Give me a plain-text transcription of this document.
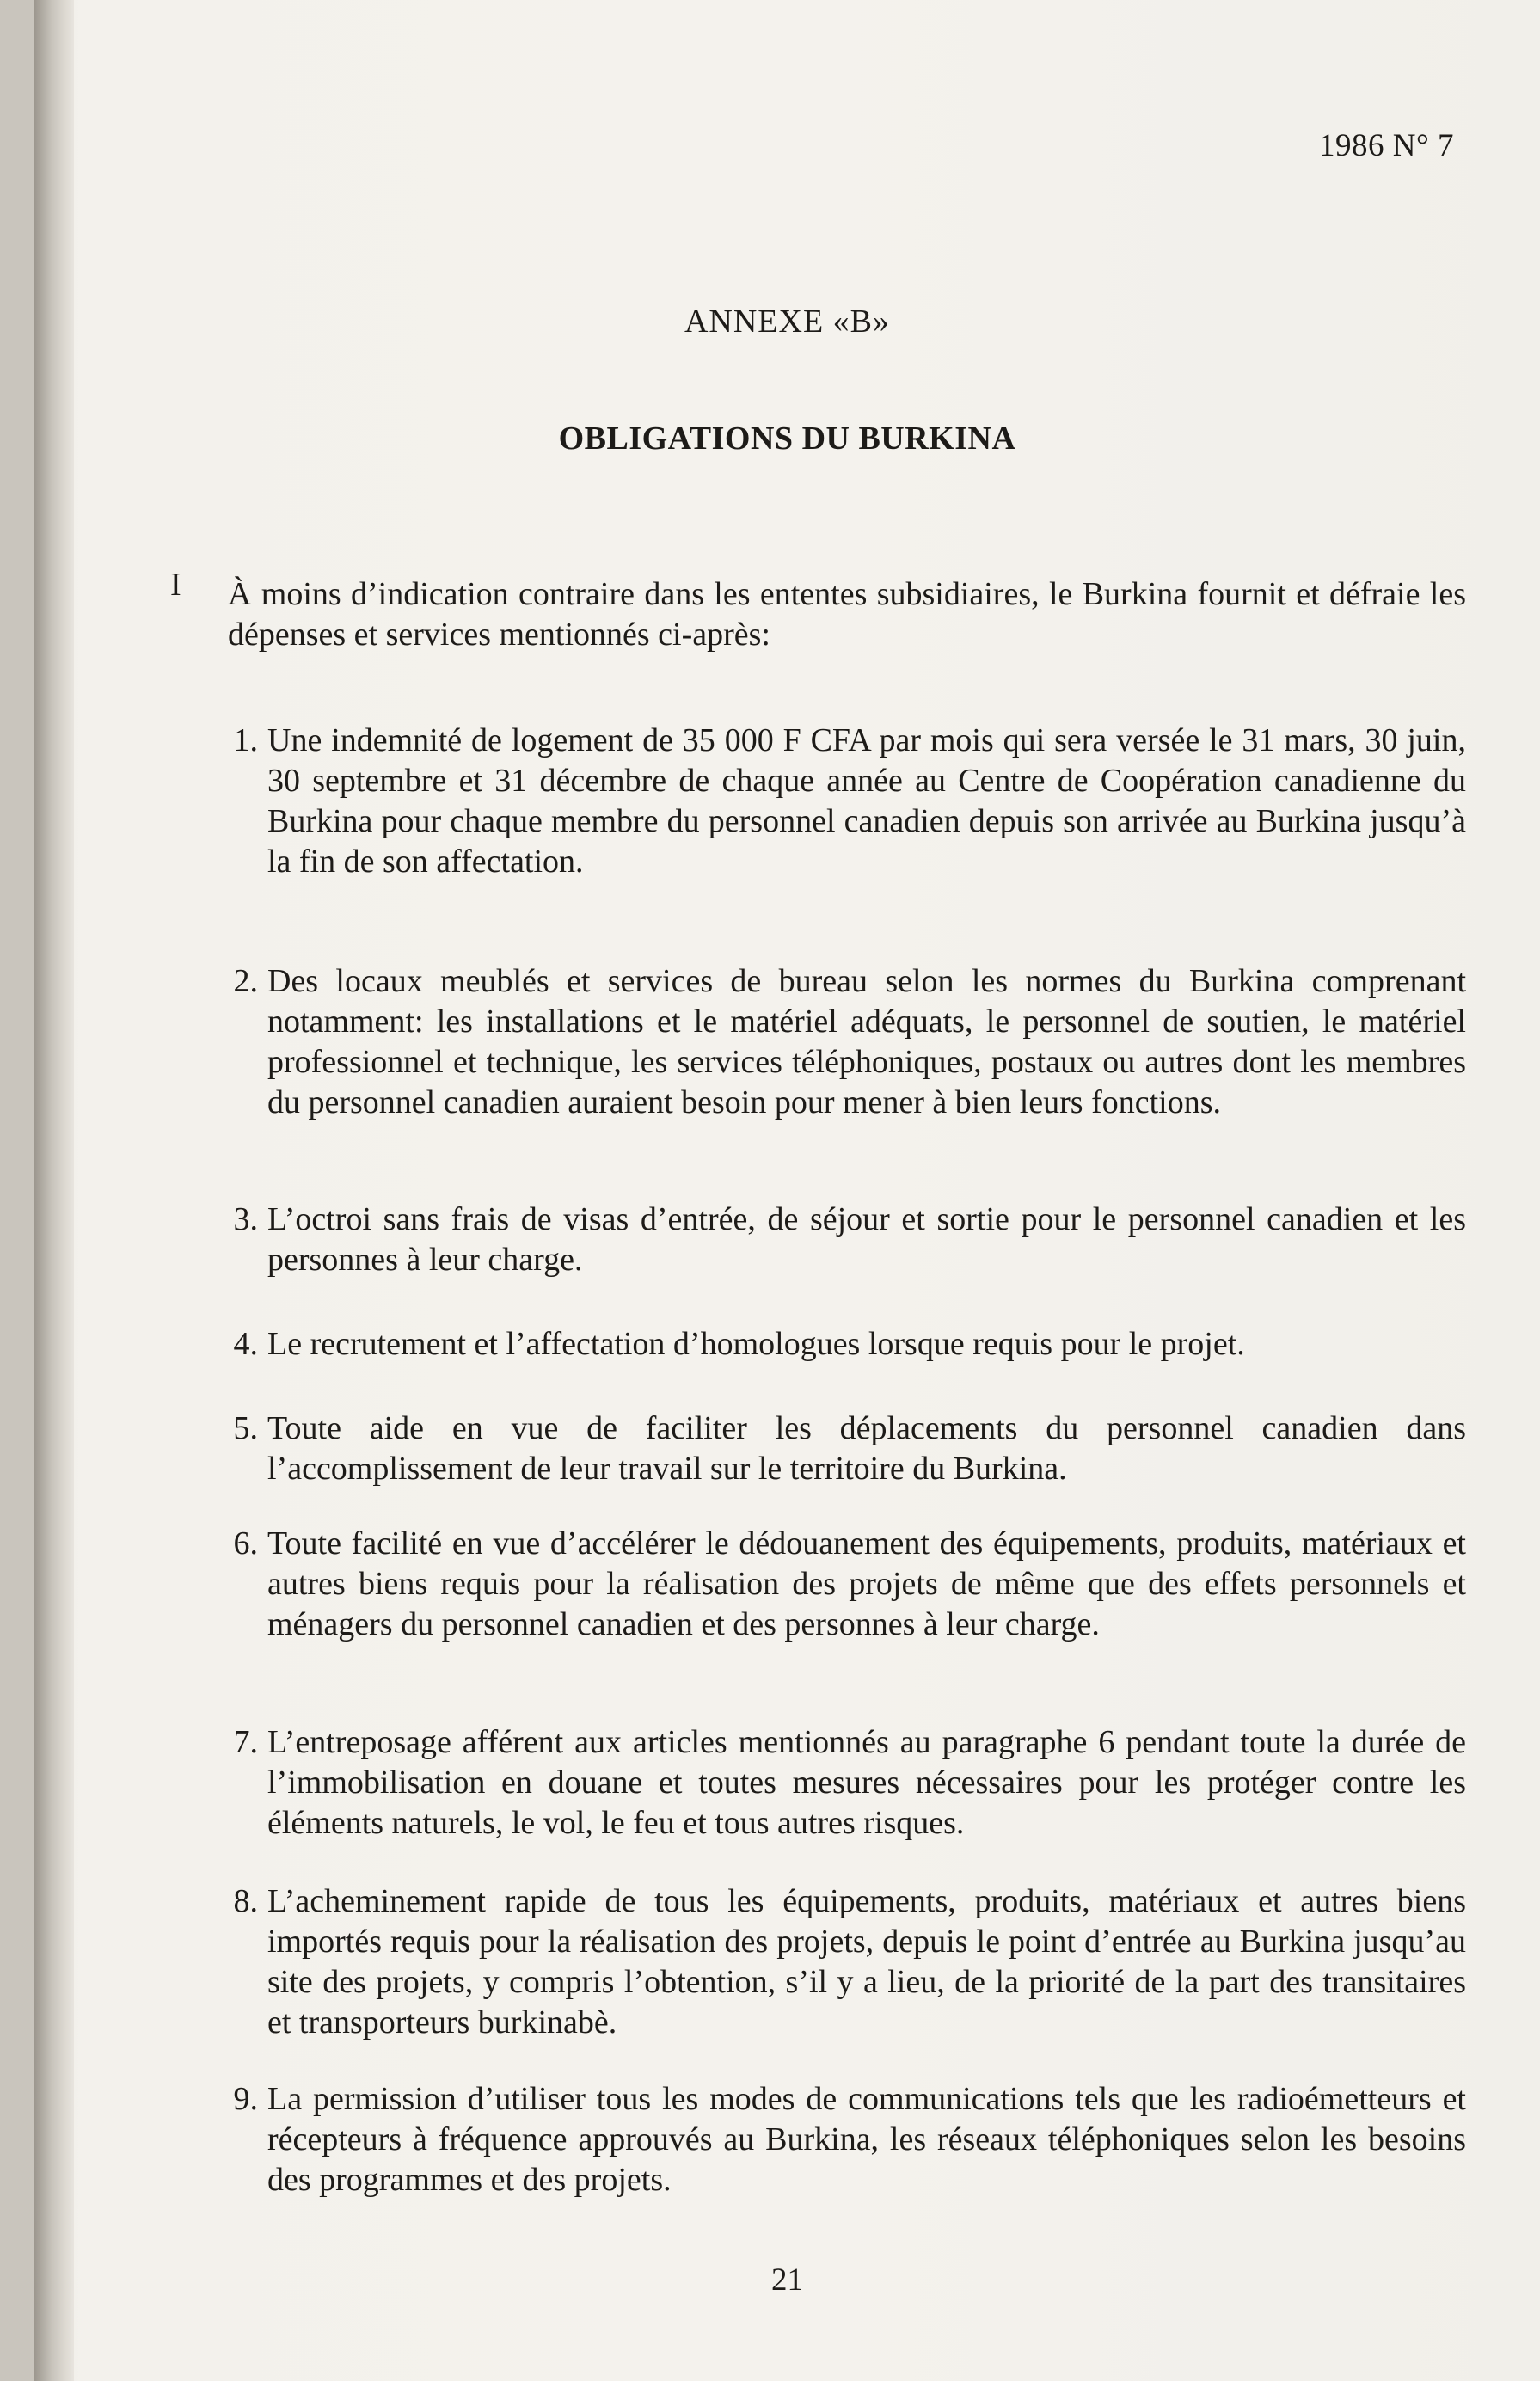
1986 N° 7
ANNEXE «B»
OBLIGATIONS DU BURKINA
I À moins d’indication contraire dans les ententes subsidiaires, le Burkina fournit et défraie les dépenses et services mentionnés ci-après:
1. Une indemnité de logement de 35 000 F CFA par mois qui sera versée le 31 mars, 30 juin, 30 septembre et 31 décembre de chaque année au Centre de Coopération canadienne du Burkina pour chaque membre du personnel canadien depuis son arrivée au Burkina jusqu’à la fin de son affectation.
2. Des locaux meublés et services de bureau selon les normes du Burkina comprenant notamment: les installations et le matériel adéquats, le personnel de soutien, le matériel professionnel et technique, les services téléphoniques, postaux ou autres dont les membres du personnel canadien auraient besoin pour mener à bien leurs fonctions.
3. L’octroi sans frais de visas d’entrée, de séjour et sortie pour le personnel canadien et les personnes à leur charge.
4. Le recrutement et l’affectation d’homologues lorsque requis pour le projet.
5. Toute aide en vue de faciliter les déplacements du personnel canadien dans l’accomplissement de leur travail sur le territoire du Burkina.
6. Toute facilité en vue d’accélérer le dédouanement des équipements, produits, matériaux et autres biens requis pour la réalisation des projets de même que des effets personnels et ménagers du personnel canadien et des personnes à leur charge.
7. L’entreposage afférent aux articles mentionnés au paragraphe 6 pendant toute la durée de l’immobilisation en douane et toutes mesures nécessaires pour les protéger contre les éléments naturels, le vol, le feu et tous autres risques.
8. L’acheminement rapide de tous les équipements, produits, matériaux et autres biens importés requis pour la réalisation des projets, depuis le point d’entrée au Burkina jusqu’au site des projets, y compris l’obtention, s’il y a lieu, de la priorité de la part des transitaires et transporteurs burkinabè.
9. La permission d’utiliser tous les modes de communications tels que les radioémetteurs et récepteurs à fréquence approuvés au Burkina, les réseaux téléphoniques selon les besoins des programmes et des projets.
21
